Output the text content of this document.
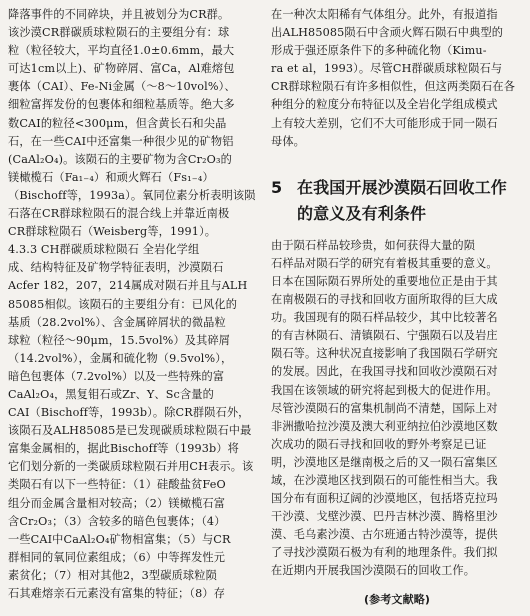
降落事件的不同碎块，并且被划分为CR群。
该沙漠CR群碳质球粒陨石的主要组分有：球
粒（粒径较大，平均直径1.0±0.6mm，最大
可达1cm以上)、矿物碎屑、富Ca，Al难熔包
裹体（CAI）、Fe-Ni金属（～8～10vol%）、
细粒富挥发份的包裹体和细粒基质等。绝大多
数CAI的粒径<300μm，但含黄长石和尖晶
石，在一些CAI中还富集一种很少见的矿物铝
(CaAl₂O₄)。该陨石的主要矿物为含Cr₂O₃的
镁橄榄石（Fa₁₋₄）和顽火辉石（Fs₁₋₄）
（Bischoff等，1993a）。氧同位素分析表明该陨
石落在CR群球粒陨石的混合线上并靠近南极
CR群球粒陨石（Weisberg等，1991）。
4.3.3 CH群碳质球粒陨石 全岩化学组
成、结构特征及矿物学特征表明，沙漠陨石
Acfer 182，207，214属成对陨石并且与ALH
85085相似。该陨石的主要组分有：已风化的
基质（28.2vol%）、含金属碎屑状的微晶粒
球粒（粒径～90μm，15.5vol%）及其碎屑
（14.2vol%），金属和硫化物（9.5vol%），
暗色包裹体（7.2vol%）以及一些特殊的富
CaAl₂O₄，黑复钼石或Zr、Y、Sc含量的
CAI（Bischoff等，1993b）。除CR群陨石外，
该陨石及ALH85085是已发现碳质球粒陨石中最
富集金属相的，据此Bischoff等（1993b）将
它们划分新的一类碳质球粒陨石并用CH表示。该
类陨石有以下一些特征：（1）硅酸盐贫FeO
组分而金属含量相对较高；（2）镁橄榄石富
含Cr₂O₃；（3）含较多的暗色包裹体；（4）
一些CAI中CaAl₂O₄矿物相富集；（5）与CR
群相同的氧同位素组成；（6）中等挥发性元
素贫化；（7）相对其他2，3型碳质球粒陨
石其难熔亲石元素没有富集的特征；（8）存
在一种次太阳稀有气体组分。此外，有报道指
出ALH85085陨石中含顽火辉石陨石中典型的
形成于强还原条件下的多种硫化物（Kimu-
ra et al，1993）。尽管CH群碳质球粒陨石与
CR群球粒陨石有许多相似性，但这两类陨石在各
种组分的粒度分布特征以及全岩化学组成模式
上有较大差别，它们不大可能形成于同一陨石
母体。
5 在我国开展沙漠陨石回收工作
的意义及有利条件
由于陨石样品较珍贵，如何获得大量的陨
石样品对陨石学的研究有着极其重要的意义。
日本在国际陨石界所处的重要地位正是由于其
在南极陨石的寻找和回收方面所取得的巨大成
功。我国现有的陨石样品较少，其中比较著名
的有吉林陨石、清镇陨石、宁强陨石以及岩庄
陨石等。这种状况直接影响了我国陨石学研究
的发展。因此，在我国寻找和回收沙漠陨石对
我国在该领域的研究将起到极大的促进作用。
尽管沙漠陨石的富集机制尚不清楚，国际上对
非洲撒哈拉沙漠及澳大利亚纳拉伯沙漠地区数
次成功的陨石寻找和回收的野外考察足已证
明，沙漠地区是继南极之后的又一陨石富集区
域，在沙漠地区找到陨石的可能性相当大。我
国分布有面积辽阔的沙漠地区，包括塔克拉玛
干沙漠、戈壁沙漠、巴丹吉林沙漠、腾格里沙
漠、毛乌素沙漠、古尔班通古特沙漠等，提供
了寻找沙漠陨石极为有利的地理条件。我们拟
在近期内开展我国沙漠陨石的回收工作。
(参考文献略)
